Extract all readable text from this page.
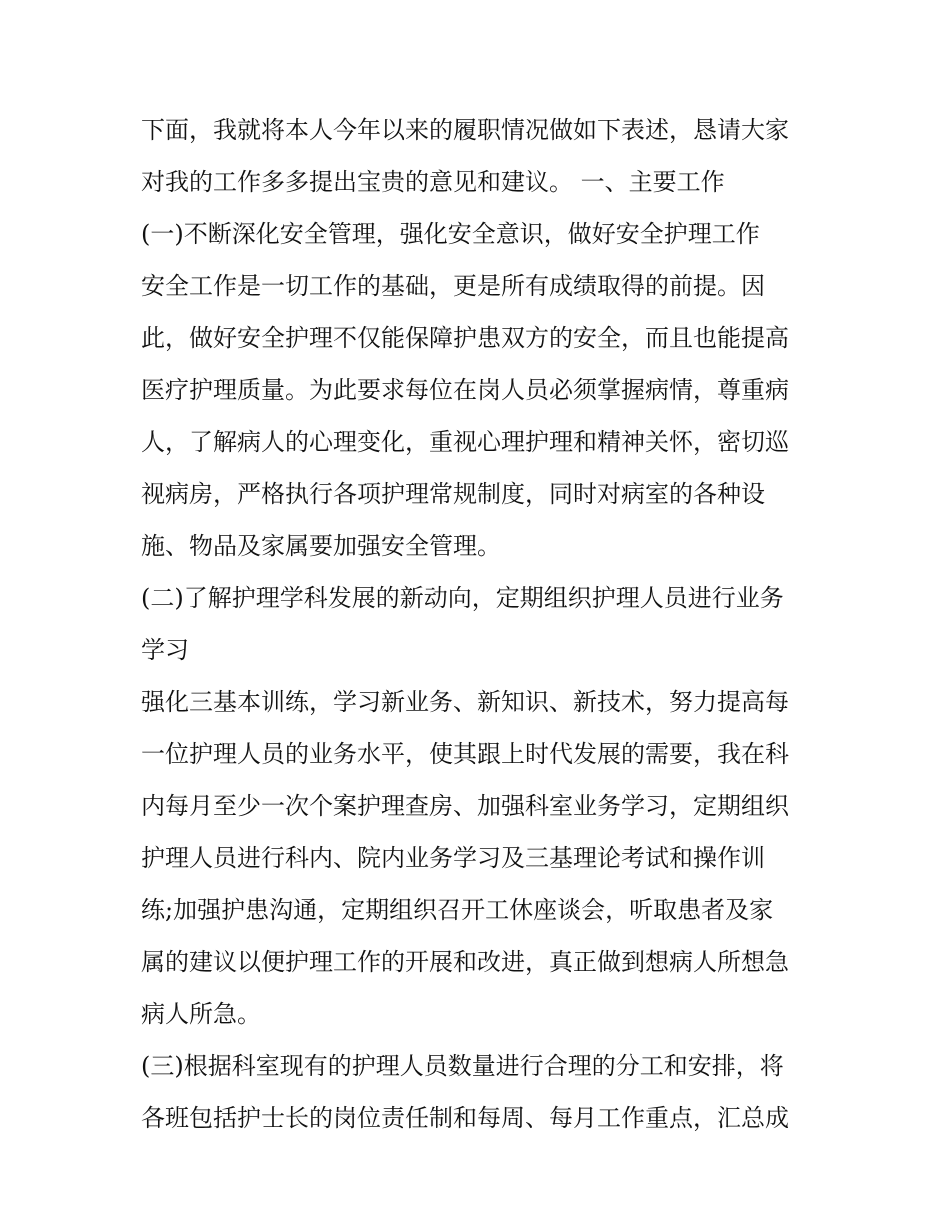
下面，我就将本人今年以来的履职情况做如下表述，恳请大家
对我的工作多多提出宝贵的意见和建议。 一、主要工作
(一)不断深化安全管理，强化安全意识，做好安全护理工作
安全工作是一切工作的基础，更是所有成绩取得的前提。因
此，做好安全护理不仅能保障护患双方的安全，而且也能提高
医疗护理质量。为此要求每位在岗人员必须掌握病情，尊重病
人，了解病人的心理变化，重视心理护理和精神关怀，密切巡
视病房，严格执行各项护理常规制度，同时对病室的各种设
施、物品及家属要加强安全管理。
(二)了解护理学科发展的新动向，定期组织护理人员进行业务
学习
强化三基本训练，学习新业务、新知识、新技术，努力提高每
一位护理人员的业务水平，使其跟上时代发展的需要，我在科
内每月至少一次个案护理查房、加强科室业务学习，定期组织
护理人员进行科内、院内业务学习及三基理论考试和操作训
练;加强护患沟通，定期组织召开工休座谈会，听取患者及家
属的建议以便护理工作的开展和改进，真正做到想病人所想急
病人所急。
(三)根据科室现有的护理人员数量进行合理的分工和安排，将
各班包括护士长的岗位责任制和每周、每月工作重点，汇总成
